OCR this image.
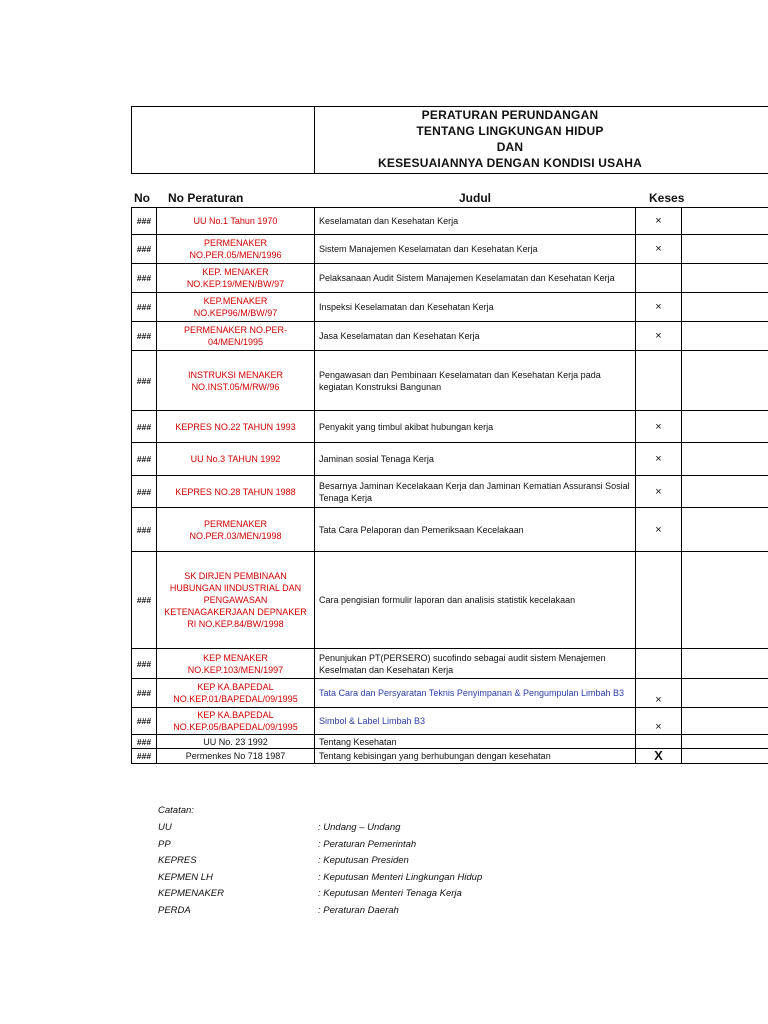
PERATURAN PERUNDANGAN
TENTANG LINGKUNGAN HIDUP
DAN
KESESUAIANNYA DENGAN KONDISI USAHA
No No Peraturan	Judul	Keses
###	UU No.1 Tahun 1970	Keselamatan dan Kesehatan Kerja	×	
###	PERMENAKER NO.PER.05/MEN/1996	Sistem Manajemen Keselamatan dan Kesehatan Kerja	×	
###	KEP. MENAKER NO.KEP.19/MEN/BW/97	Pelaksanaan Audit Sistem Manajemen Keselamatan dan Kesehatan Kerja		
###	KEP.MENAKER NO.KEP96/M/BW/97	Inspeksi Keselamatan dan Kesehatan Kerja	×	
###	PERMENAKER NO.PER-04/MEN/1995	Jasa Keselamatan dan Kesehatan Kerja	×	
###	INSTRUKSI MENAKER NO.INST.05/M/RW/96	Pengawasan dan Pembinaan Keselamatan dan Kesehatan Kerja pada kegiatan Konstruksi Bangunan		
###	KEPRES NO.22 TAHUN 1993	Penyakit yang timbul akibat hubungan kerja	×	
###	UU No.3 TAHUN 1992	Jaminan sosial Tenaga Kerja	×	
###	KEPRES NO.28 TAHUN 1988	Besarnya Jaminan Kecelakaan Kerja dan Jaminan Kematian Assuransi Sosial Tenaga Kerja	×	
###	PERMENAKER NO.PER.03/MEN/1998	Tata Cara Pelaporan dan Pemeriksaan Kecelakaan	×	
###	SK DIRJEN PEMBINAAN HUBUNGAN IINDUSTRIAL DAN PENGAWASAN KETENAGAKERJAAN DEPNAKER RI NO.KEP.84/BW/1998	Cara pengisian formulir laporan dan analisis statistik kecelakaan		
###	KEP MENAKER NO.KEP.103/MEN/1997	Penunjukan PT(PERSERO) sucofindo sebagai audit sistem Menajemen Keselmatan dan Kesehatan Kerja		
###	KEP KA.BAPEDAL NO.KEP.01/BAPEDAL/09/1995	Tata Cara dan Persyaratan Teknis Penyimpanan & Pengumpulan Limbah B3	×	
###	KEP KA.BAPEDAL NO.KEP.05/BAPEDAL/09/1995	Simbol & Label Limbah B3	×	
###	UU No. 23 1992	Tentang Kesehatan		
###	Permenkes No 718 1987	Tentang kebisingan yang berhubungan dengan kesehatan	X	
Catatan:
UU	: Undang – Undang
PP	: Peraturan Pemerintah
KEPRES	: Keputusan Presiden
KEPMEN LH	: Keputusan Menteri Lingkungan Hidup
KEPMENAKER	: Keputusan Menteri Tenaga Kerja
PERDA	: Peraturan Daerah
